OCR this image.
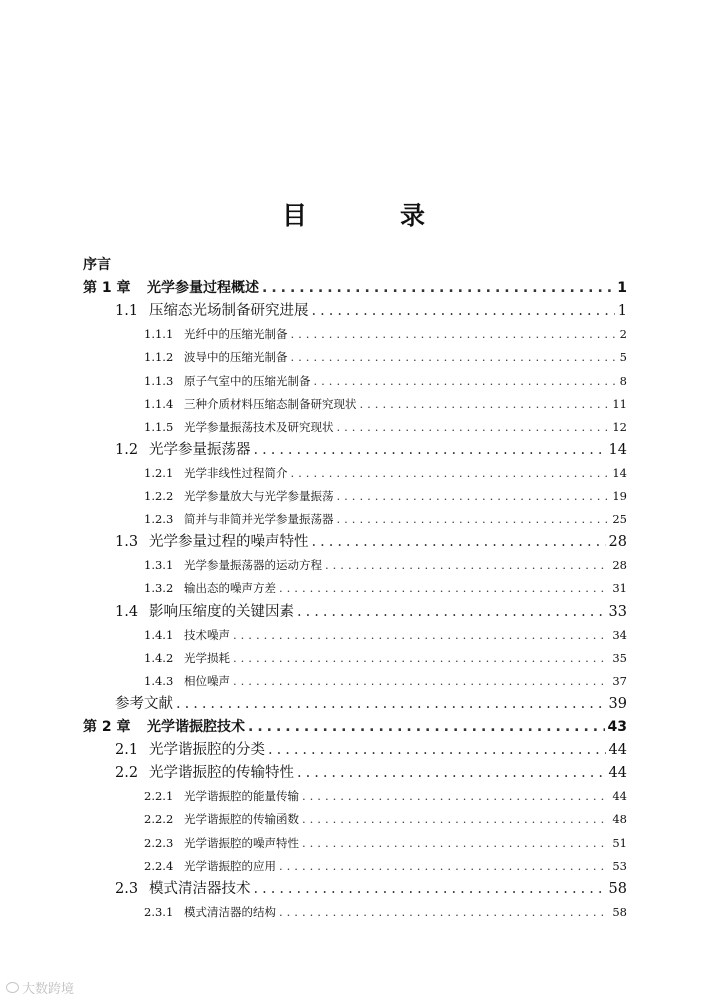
目　录
序言
第 1 章	光学参量过程概述 .....	1
1.1 压缩态光场制备研究进展 .....	1
1.1.1 光纤中的压缩光制备 .....	2
1.1.2 波导中的压缩光制备 .....	5
1.1.3 原子气室中的压缩光制备 .....	8
1.1.4 三种介质材料压缩态制备研究现状 .....	11
1.1.5 光学参量振荡技术及研究现状 .....	12
1.2 光学参量振荡器 .....	14
1.2.1 光学非线性过程简介 .....	14
1.2.2 光学参量放大与光学参量振荡 .....	19
1.2.3 简并与非简并光学参量振荡器 .....	25
1.3 光学参量过程的噪声特性 .....	28
1.3.1 光学参量振荡器的运动方程 .....	28
1.3.2 输出态的噪声方差 .....	31
1.4 影响压缩度的关键因素 .....	33
1.4.1 技术噪声 .....	34
1.4.2 光学损耗 .....	35
1.4.3 相位噪声 .....	37
参考文献 .....	39
第 2 章	光学谐振腔技术 .....	43
2.1 光学谐振腔的分类 .....	44
2.2 光学谐振腔的传输特性 .....	44
2.2.1 光学谐振腔的能量传输 .....	44
2.2.2 光学谐振腔的传输函数 .....	48
2.2.3 光学谐振腔的噪声特性 .....	51
2.2.4 光学谐振腔的应用 .....	53
2.3 模式清洁器技术 .....	58
2.3.1 模式清洁器的结构 .....	58
大数跨境
